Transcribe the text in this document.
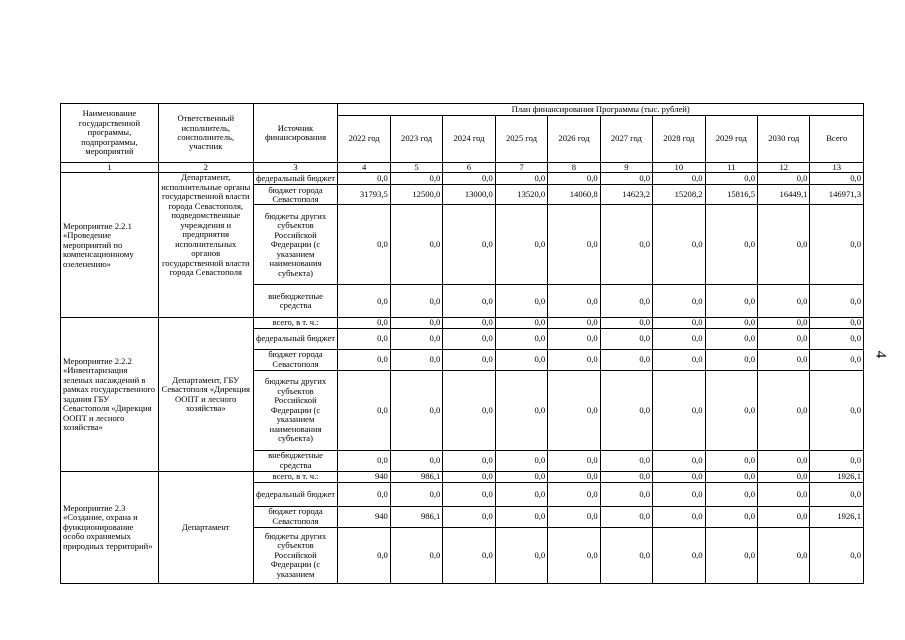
4
Наименование государственной программы, подпрограммы, мероприятий	Ответственный исполнитель, соисполнитель, участник	Источник финансирования	План финансирования Программы (тыс. рублей)									
			2022 год	2023 год	2024 год	2025 год	2026 год	2027 год	2028 год	2029 год	2030 год	Всего
1	2	3	4	5	6	7	8	9	10	11	12	13
Мероприятие 2.2.1 «Проведение мероприятий по компенсационному озеленению»	Департамент, исполнительные органы государственной власти города Севастополя, подведомственные учреждения и предприятия исполнительных органов государственной власти города Севастополя	федеральный бюджет	0,0	0,0	0,0	0,0	0,0	0,0	0,0	0,0	0,0	0,0
		бюджет города Севастополя	31793,5	12500,0	13000,0	13520,0	14060,8	14623,2	15208,2	15816,5	16449,1	146971,3
		бюджеты других субъектов Российской Федерации (с указанием наименования субъекта)	0,0	0,0	0,0	0,0	0,0	0,0	0,0	0,0	0,0	0,0
		внебюджетные средства	0,0	0,0	0,0	0,0	0,0	0,0	0,0	0,0	0,0	0,0
Мероприятие 2.2.2 «Инвентаризация зеленых насаждений в рамках государственного задания ГБУ Севастополя «Дирекция ООПТ и лесного хозяйства»	Департамент, ГБУ Севастополя «Дирекция ООПТ и лесного хозяйства»	всего, в т. ч.:	0,0	0,0	0,0	0,0	0,0	0,0	0,0	0,0	0,0	0,0
		федеральный бюджет	0,0	0,0	0,0	0,0	0,0	0,0	0,0	0,0	0,0	0,0
		бюджет города Севастополя	0,0	0,0	0,0	0,0	0,0	0,0	0,0	0,0	0,0	0,0
		бюджеты других субъектов Российской Федерации (с указанием наименования субъекта)	0,0	0,0	0,0	0,0	0,0	0,0	0,0	0,0	0,0	0,0
		внебюджетные средства	0,0	0,0	0,0	0,0	0,0	0,0	0,0	0,0	0,0	0,0
Мероприятие 2.3 «Создание, охрана и функционирование особо охраняемых природных территорий»	Департамент	всего, в т. ч.:	940	986,1	0,0	0,0	0,0	0,0	0,0	0,0	0,0	1926,1
		федеральный бюджет	0,0	0,0	0,0	0,0	0,0	0,0	0,0	0,0	0,0	0,0
		бюджет города Севастополя	940	986,1	0,0	0,0	0,0	0,0	0,0	0,0	0,0	1926,1
		бюджеты других субъектов Российской Федерации (с указанием	0,0	0,0	0,0	0,0	0,0	0,0	0,0	0,0	0,0	0,0
